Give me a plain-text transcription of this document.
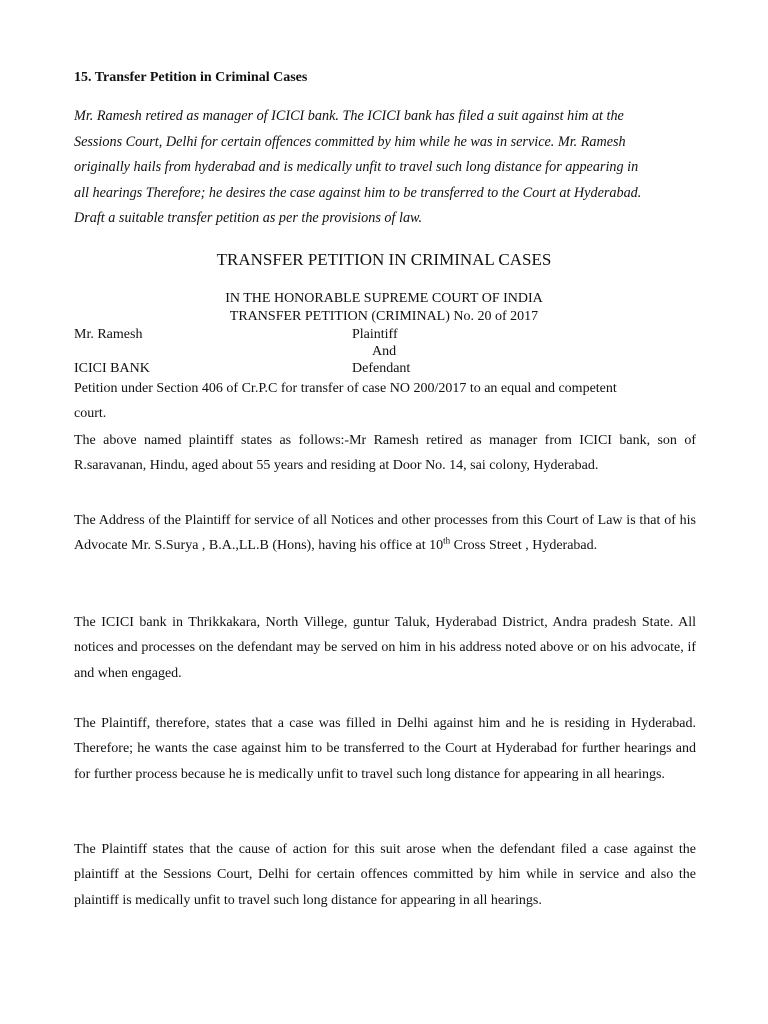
15. Transfer Petition in Criminal Cases

Mr. Ramesh retired as manager of ICICI bank. The ICICI bank has filed a suit against him at the

Sessions Court, Delhi for certain offences committed by him while he was in service. Mr. Ramesh

originally hails from hyderabad and is medically unfit to travel such long distance for appearing in

all hearings Therefore; he desires the case against him to be transferred to the Court at Hyderabad.

Draft a suitable transfer petition as per the provisions of law.

TRANSFER PETITION IN CRIMINAL CASES
IN THE HONORABLE SUPREME COURT OF INDIA
TRANSFER PETITION (CRIMINAL) No. 20 of 2017
Mr. Ramesh	Plaintiff
And
ICICI BANK	Defendant

Petition under Section 406 of Cr.P.C for transfer of case NO 200/2017 to an equal and competent

court.

The above named plaintiff states as follows:-Mr Ramesh retired as manager from ICICI bank, son of R.saravanan, Hindu, aged about 55 years and residing at Door No. 14, sai colony, Hyderabad.

The Address of the Plaintiff for service of all Notices and other processes from this Court of Law is that of his Advocate Mr. S.Surya , B.A.,LL.B (Hons), having his office at 10th Cross Street , Hyderabad.

The ICICI bank in Thrikkakara, North Villege, guntur Taluk, Hyderabad District, Andra pradesh State. All notices and processes on the defendant may be served on him in his address noted above or on his advocate, if and when engaged.

The Plaintiff, therefore, states that a case was filled in Delhi against him and he is residing in Hyderabad. Therefore; he wants the case against him to be transferred to the Court at Hyderabad for further hearings and for further process because he is medically unfit to travel such long distance for appearing in all hearings.

The Plaintiff states that the cause of action for this suit arose when the defendant filed a case against the plaintiff at the Sessions Court, Delhi for certain offences committed by him while in service and also the plaintiff is medically unfit to travel such long distance for appearing in all hearings.
